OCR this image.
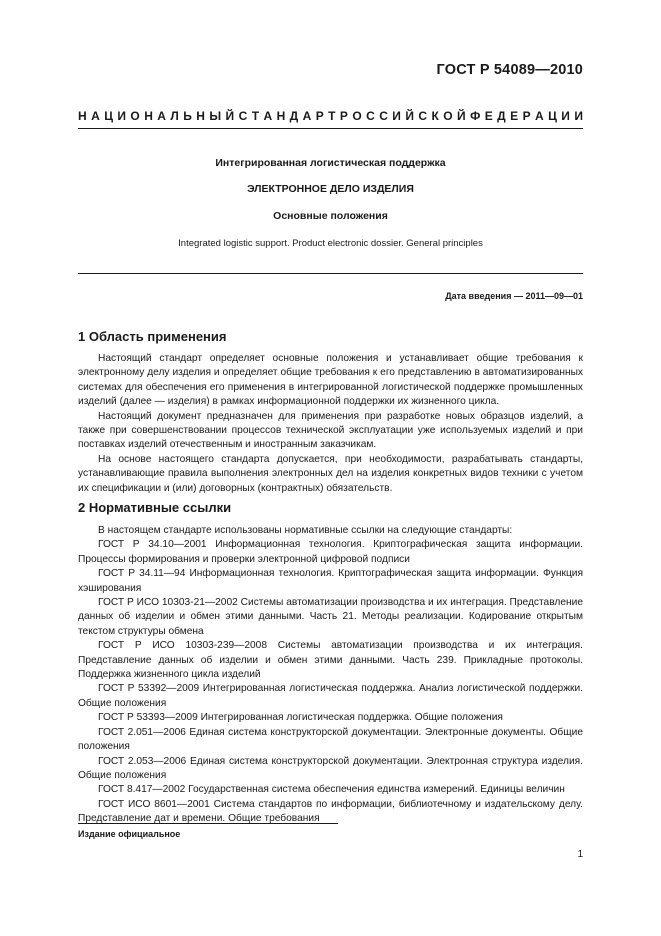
ГОСТ Р 54089—2010
Н А Ц И О Н А Л Ь Н Ы Й С Т А Н Д А Р Т Р О С С И Й С К О Й Ф Е Д Е Р А Ц И И
Интегрированная логистическая поддержка
ЭЛЕКТРОННОЕ ДЕЛО ИЗДЕЛИЯ
Основные положения
Integrated logistic support. Product electronic dossier. General principles
Дата введения — 2011—09—01
1 Область применения

Настоящий стандарт определяет основные положения и устанавливает общие требования к электронному делу изделия и определяет общие требования к его представлению в автоматизированных системах для обеспечения его применения в интегрированной логистической поддержке промышленных изделий (далее — изделия) в рамках информационной поддержки их жизненного цикла.

Настоящий документ предназначен для применения при разработке новых образцов изделий, а также при совершенствовании процессов технической эксплуатации уже используемых изделий и при поставках изделий отечественным и иностранным заказчикам.

На основе настоящего стандарта допускается, при необходимости, разрабатывать стандарты, устанавливающие правила выполнения электронных дел на изделия конкретных видов техники с учетом их спецификации и (или) договорных (контрактных) обязательств.

2 Нормативные ссылки

В настоящем стандарте использованы нормативные ссылки на следующие стандарты:

ГОСТ Р 34.10—2001 Информационная технология. Криптографическая защита информации. Процессы формирования и проверки электронной цифровой подписи

ГОСТ Р 34.11—94 Информационная технология. Криптографическая защита информации. Функция хэширования

ГОСТ Р ИСО 10303-21—2002 Системы автоматизации производства и их интеграция. Представление данных об изделии и обмен этими данными. Часть 21. Методы реализации. Кодирование открытым текстом структуры обмена

ГОСТ Р ИСО 10303-239—2008 Системы автоматизации производства и их интеграция. Представление данных об изделии и обмен этими данными. Часть 239. Прикладные протоколы. Поддержка жизненного цикла изделий

ГОСТ Р 53392—2009 Интегрированная логистическая поддержка. Анализ логистической поддержки. Общие положения

ГОСТ Р 53393—2009 Интегрированная логистическая поддержка. Общие положения

ГОСТ 2.051—2006 Единая система конструкторской документации. Электронные документы. Общие положения

ГОСТ 2.053—2006 Единая система конструкторской документации. Электронная структура изделия. Общие положения

ГОСТ 8.417—2002 Государственная система обеспечения единства измерений. Единицы величин

ГОСТ ИСО 8601—2001 Система стандартов по информации, библиотечному и издательскому делу. Представление дат и времени. Общие требования

Издание официальное
1
